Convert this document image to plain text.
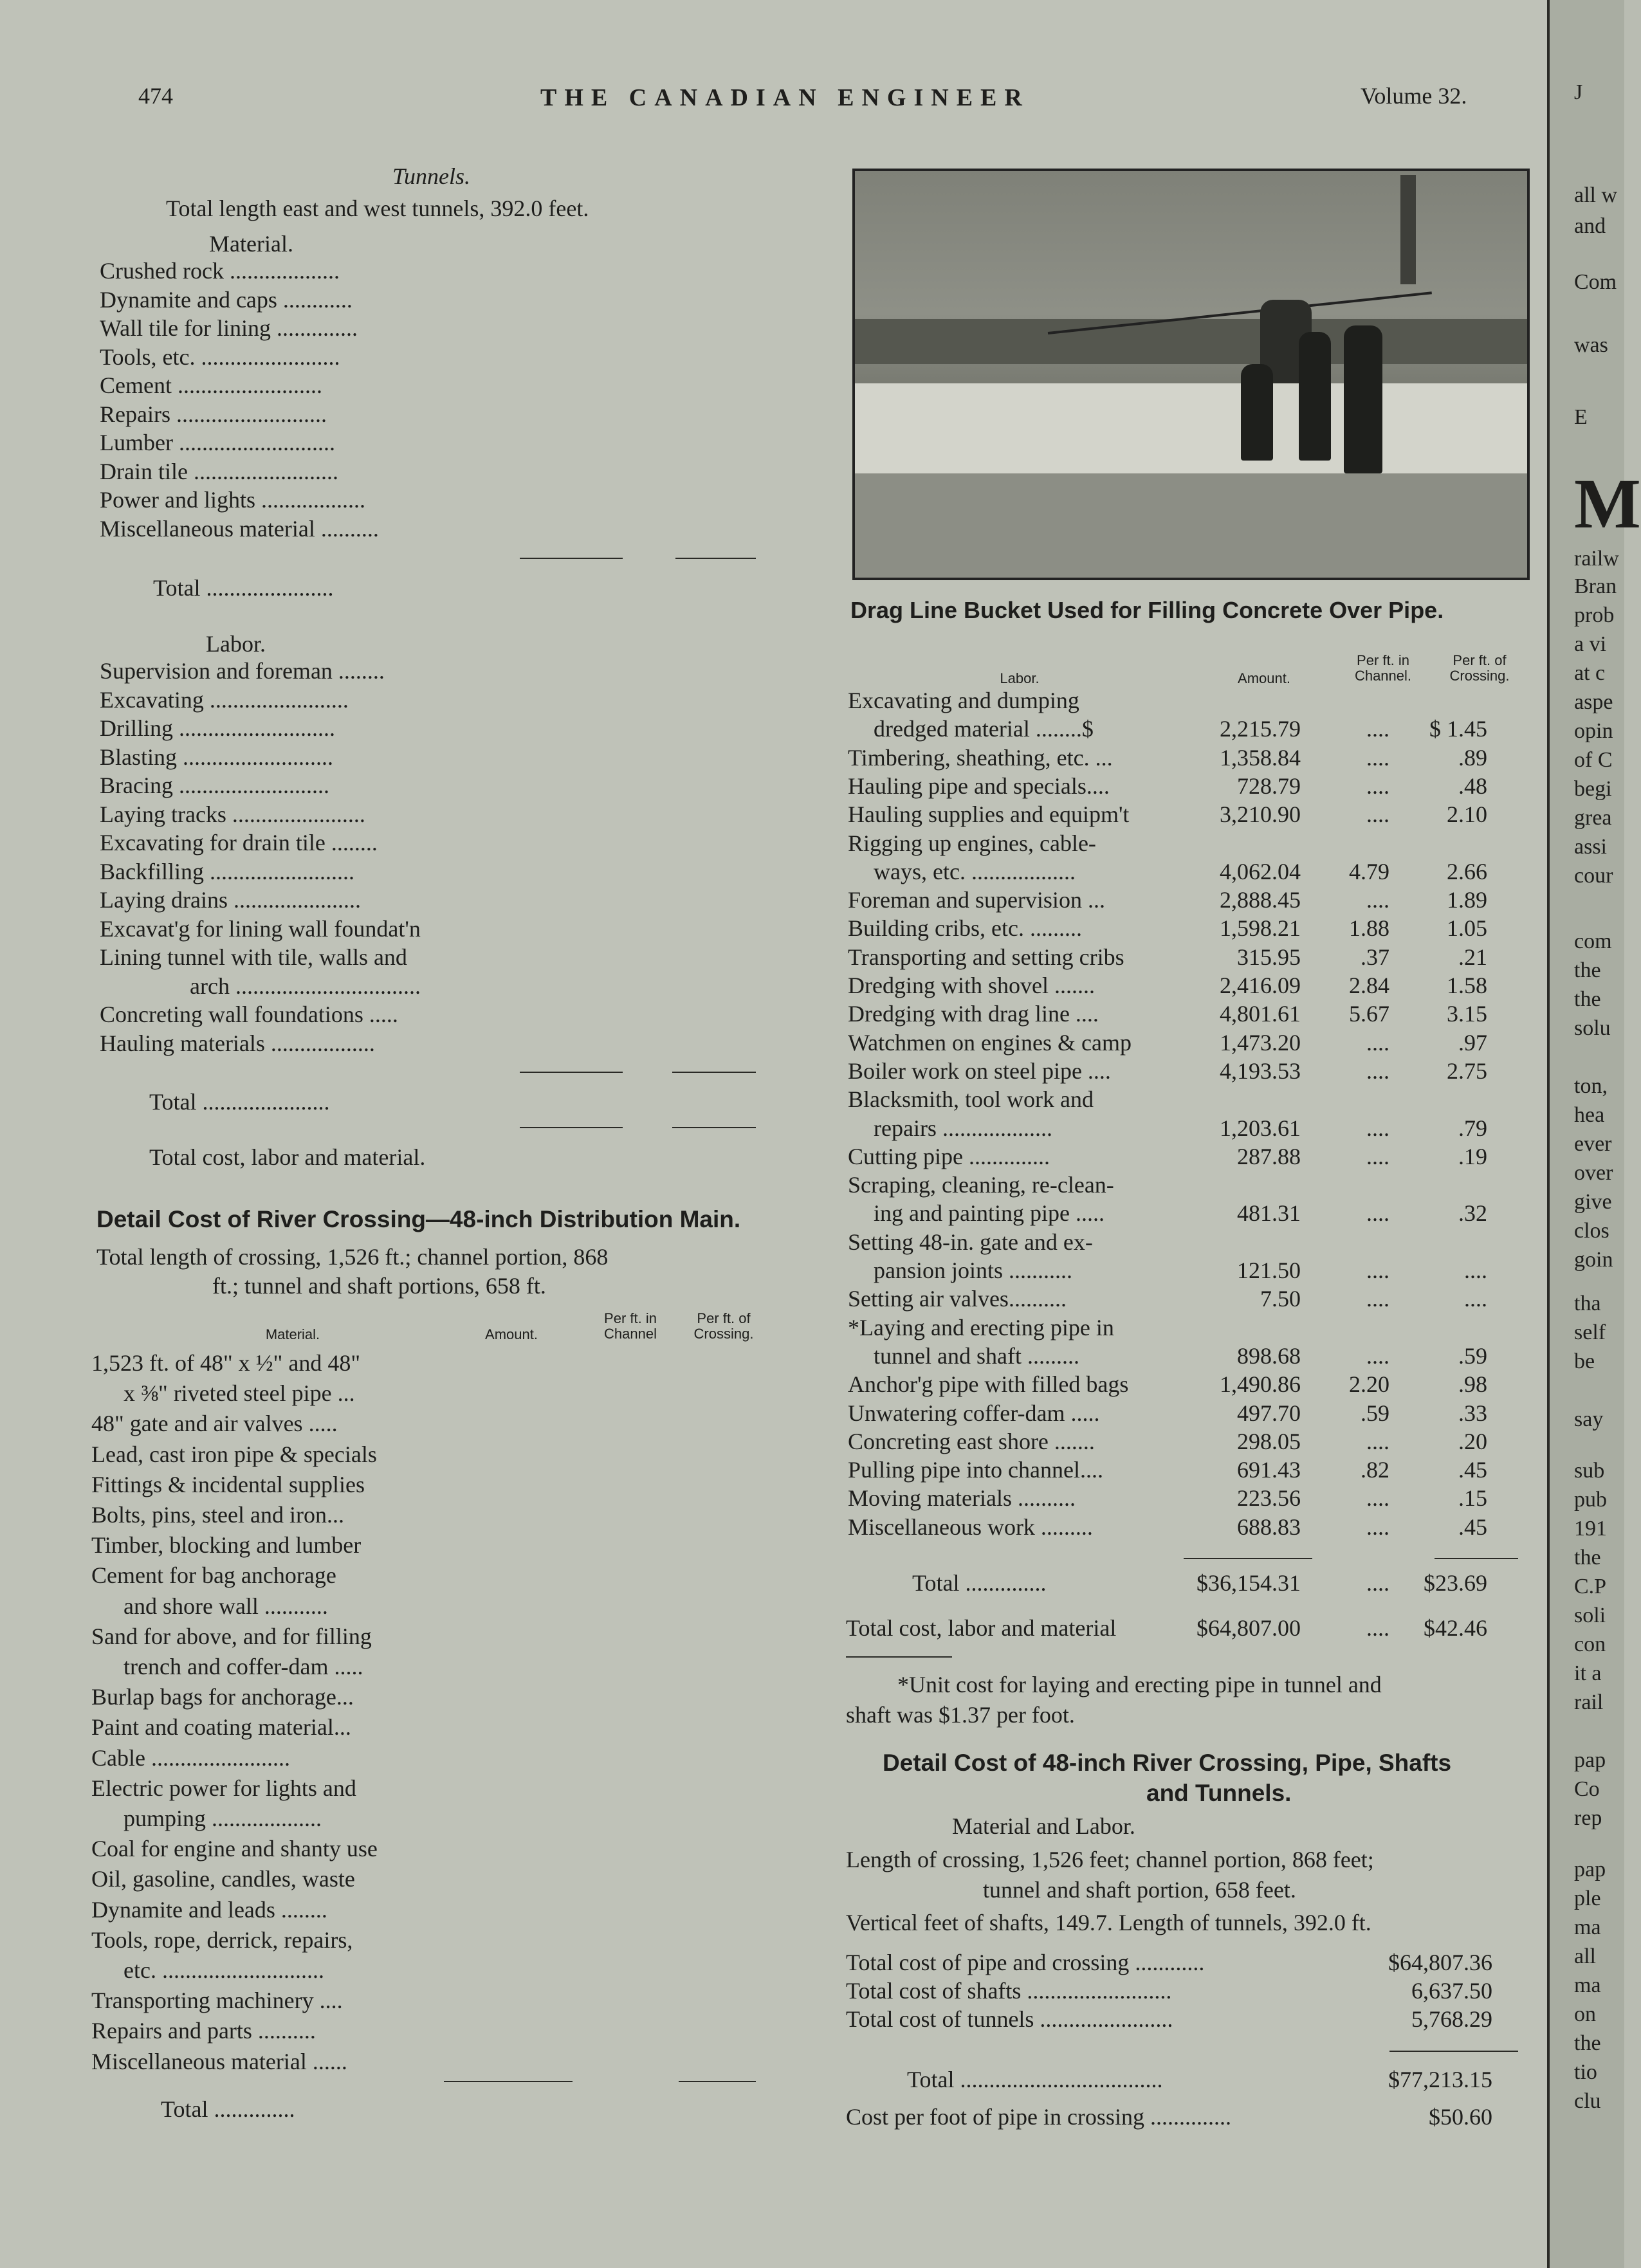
474	THE CANADIAN ENGINEER	Volume 32.
Tunnels.
Total length east and west tunnels, 392.0 feet.
Material.
Crushed rock ...................
Dynamite and caps ............
Wall tile for lining ..............
Tools, etc. ........................
Cement .........................
Repairs ..........................
Lumber ...........................
Drain tile .........................
Power and lights ..................
Miscellaneous material ..........
Total ......................
Labor.
Supervision and foreman ........
Excavating ........................
Drilling ...........................
Blasting ..........................
Bracing ..........................
Laying tracks .......................
Excavating for drain tile ........
Backfilling .........................
Laying drains ......................
Excavat'g for lining wall foundat'n
Lining tunnel with tile, walls and
arch ................................
Concreting wall foundations .....
Hauling materials ..................
Total ......................
Total cost, labor and material.
Detail Cost of River Crossing—48-inch Distribution Main.
Total length of crossing, 1,526 ft.; channel portion, 868
ft.; tunnel and shaft portions, 658 ft.
Material.	Amount.
Per ft. in Channel
Per ft. of Crossing.
1,523 ft. of 48" x ½" and 48"
x ⅜" riveted steel pipe ...
48" gate and air valves .....
Lead, cast iron pipe & specials
Fittings & incidental supplies
Bolts, pins, steel and iron...
Timber, blocking and lumber
Cement for bag anchorage
and shore wall ...........
Sand for above, and for filling
trench and coffer-dam .....
Burlap bags for anchorage...
Paint and coating material...
Cable ........................
Electric power for lights and
pumping ...................
Coal for engine and shanty use
Oil, gasoline, candles, waste
Dynamite and leads ........
Tools, rope, derrick, repairs,
etc. ............................
Transporting machinery ....
Repairs and parts ..........
Miscellaneous material ......
Total ..............
Drag Line Bucket Used for Filling Concrete Over Pipe.
Labor.	Amount.
Per ft. in Channel.
Per ft. of Crossing.
Excavating and dumping
dredged material ........$	2,215.79	.... $ 1.45
Timbering, sheathing, etc. ...	1,358.84	....	.89
Hauling pipe and specials....	728.79	....	.48
Hauling supplies and equipm't	3,210.90	.... 2.10
Rigging up engines, cable-
ways, etc. ..................	4,062.04 4.79 2.66
Foreman and supervision ...	2,888.45	.... 1.89
Building cribs, etc. .........	1,598.21 1.88 1.05
Transporting and setting cribs	315.95	.37	.21
Dredging with shovel .......	2,416.09 2.84 1.58
Dredging with drag line ....	4,801.61 5.67 3.15
Watchmen on engines & camp	1,473.20	....	.97
Boiler work on steel pipe ....	4,193.53	.... 2.75
Blacksmith, tool work and
repairs ...................	1,203.61	....	.79
Cutting pipe ..............	287.88	....	.19
Scraping, cleaning, re-clean-
ing and painting pipe .....	481.31	....	.32
Setting 48-in. gate and ex-
pansion joints ...........	121.50	....	....
Setting air valves..........	7.50	....	....
*Laying and erecting pipe in
tunnel and shaft .........	898.68	....	.59
Anchor'g pipe with filled bags	1,490.86 2.20	.98
Unwatering coffer-dam .....	497.70	.59	.33
Concreting east shore .......	298.05	....	.20
Pulling pipe into channel....	691.43	.82	.45
Moving materials ..........	223.56	....	.15
Miscellaneous work .........	688.83	....	.45
Total ..............	$36,154.31	.... $23.69
Total cost, labor and material	$64,807.00	.... $42.46
*Unit cost for laying and erecting pipe in tunnel and
shaft was $1.37 per foot.
Detail Cost of 48-inch River Crossing, Pipe, Shafts
and Tunnels.
Material and Labor.
Length of crossing, 1,526 feet; channel portion, 868 feet;
tunnel and shaft portion, 658 feet.
Vertical feet of shafts, 149.7. Length of tunnels, 392.0 ft.
Total cost of pipe and crossing ............	$64,807.36
Total cost of shafts .........................	6,637.50
Total cost of tunnels .......................	5,768.29
Total ...................................	$77,213.15
Cost per foot of pipe in crossing ..............	$50.60
J
all w
and
Com
was
E
M
railw
Bran
prob
a vi
at c
aspe
opin
of C
begi
grea
assi
cour
com
the
the
solu
ton,
hea
ever
over
give
clos
goin
tha
self
be
say
sub
pub
191
the
C.P
soli
con
it a
rail
pap
Co
rep
pap
ple
ma
all
ma
on
the
tio
clu
